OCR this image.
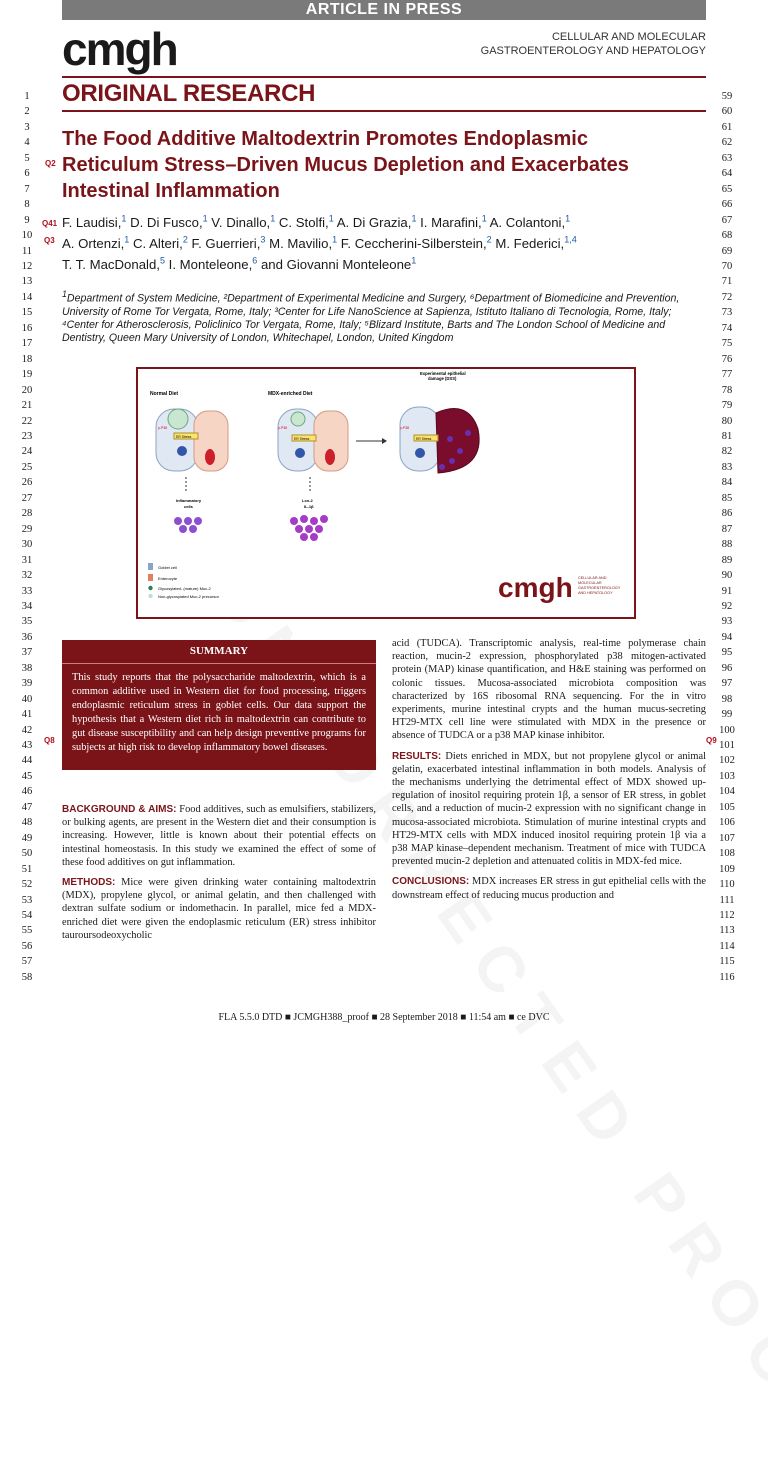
ARTICLE IN PRESS
cmgh	CELLULAR AND MOLECULAR
GASTROENTEROLOGY AND HEPATOLOGY
ORIGINAL RESEARCH
The Food Additive Maltodextrin Promotes Endoplasmic
Reticulum Stress–Driven Mucus Depletion and Exacerbates
Intestinal Inflammation
F. Laudisi,$^1$ D. Di Fusco,$^1$ V. Dinallo,$^1$ C. Stolfi,$^1$ A. Di Grazia,$^1$ I. Marafini,$^1$ A. Colantoni,$^1$
A. Ortenzi,$^1$ C. Alteri,$^2$ F. Guerrieri,$^3$ M. Mavilio,$^1$ F. Ceccherini-Silberstein,$^2$ M. Federici,$^{1,4}$
T. T. MacDonald,$^5$ I. Monteleone,$^6$ and Giovanni Monteleone$^1$
$^1$Department of System Medicine, ²Department of Experimental Medicine and Surgery, ⁶Department of Biomedicine and Prevention, University of Rome Tor Vergata, Rome, Italy; ³Center for Life NanoScience at Sapienza, Istituto Italiano di Tecnologia, Rome, Italy; ⁴Center for Atherosclerosis, Policlinico Tor Vergata, Rome, Italy; ⁵Blizard Institute, Barts and The London School of Medicine and Dentistry, Queen Mary University of London, Whitechapel, London, United Kingdom
Normal Diet
ER Stress
p-P38
Inflammatory
cells
MDX-enriched Diet
ER Stress
p-P38
Lcn-2
IL-1β
Experimental epithelial
damage (DSS)
ER Stress
p-P38
Goblet cell
Enterocyte
Glycosylated- (mature) Muc-2
Non-glycosylated Muc-2 precursor	cmgh CELLULAR AND
MOLECULAR
GASTROENTEROLOGY
AND HEPATOLOGY
SUMMARY

This study reports that the polysaccharide maltodextrin, which is a common additive used in Western diet for food processing, triggers endoplasmic reticulum stress in goblet cells. Our data support the hypothesis that a Western diet rich in maltodextrin can contribute to gut disease susceptibility and can help design preventive programs for subjects at high risk to develop inflammatory bowel diseases.

BACKGROUND & AIMS: Food additives, such as emulsifiers, stabilizers, or bulking agents, are present in the Western diet and their consumption is increasing. However, little is known about their potential effects on intestinal homeostasis. In this study we examined the effect of some of these food additives on gut inflammation.

METHODS: Mice were given drinking water containing maltodextrin (MDX), propylene glycol, or animal gelatin, and then challenged with dextran sulfate sodium or indomethacin. In parallel, mice fed a MDX-enriched diet were given the endoplasmic reticulum (ER) stress inhibitor tauroursodeoxycholic

acid (TUDCA). Transcriptomic analysis, real-time polymerase chain reaction, mucin-2 expression, phosphorylated p38 mitogen-activated protein (MAP) kinase quantification, and H&E staining was performed on colonic tissues. Mucosa-associated microbiota composition was characterized by 16S ribosomal RNA sequencing. For the in vitro experiments, murine intestinal crypts and the human mucus-secreting HT29-MTX cell line were stimulated with MDX in the presence or absence of TUDCA or a p38 MAP kinase inhibitor.

RESULTS: Diets enriched in MDX, but not propylene glycol or animal gelatin, exacerbated intestinal inflammation in both models. Analysis of the mechanisms underlying the detrimental effect of MDX showed up-regulation of inositol requiring protein 1β, a sensor of ER stress, in goblet cells, and a reduction of mucin-2 expression with no significant change in mucosa-associated microbiota. Stimulation of murine intestinal crypts and HT29-MTX cells with MDX induced inositol requiring protein 1β via a p38 MAP kinase–dependent mechanism. Treatment of mice with TUDCA prevented mucin-2 depletion and attenuated colitis in MDX-fed mice.

CONCLUSIONS: MDX increases ER stress in gut epithelial cells with the downstream effect of reducing mucus production and

1
2
3
4
5
6
7
8
9
10
11
12
13
14
15
16
17
18
19
20
21
22
23
24
25
26
27
28
29
30
31
32
33
34
35
36
37
38
39
40
41
42
43
44
45
46
47
48
49
50
51
52
53
54
55
56
57
58
59
60
61
62
63
64
65
66
67
68
69
70
71
72
73
74
75
76
77
78
79
80
81
82
83
84
85
86
87
88
89
90
91
92
93
94
95
96
97
98
99
100
101
102
103
104
105
106
107
108
109
110
111
112
113
114
115
116
Q2
Q41
Q3
Q8	Q9
FLA 5.5.0 DTD ■ JCMGH388_proof ■ 28 September 2018 ■ 11:54 am ■ ce DVC
